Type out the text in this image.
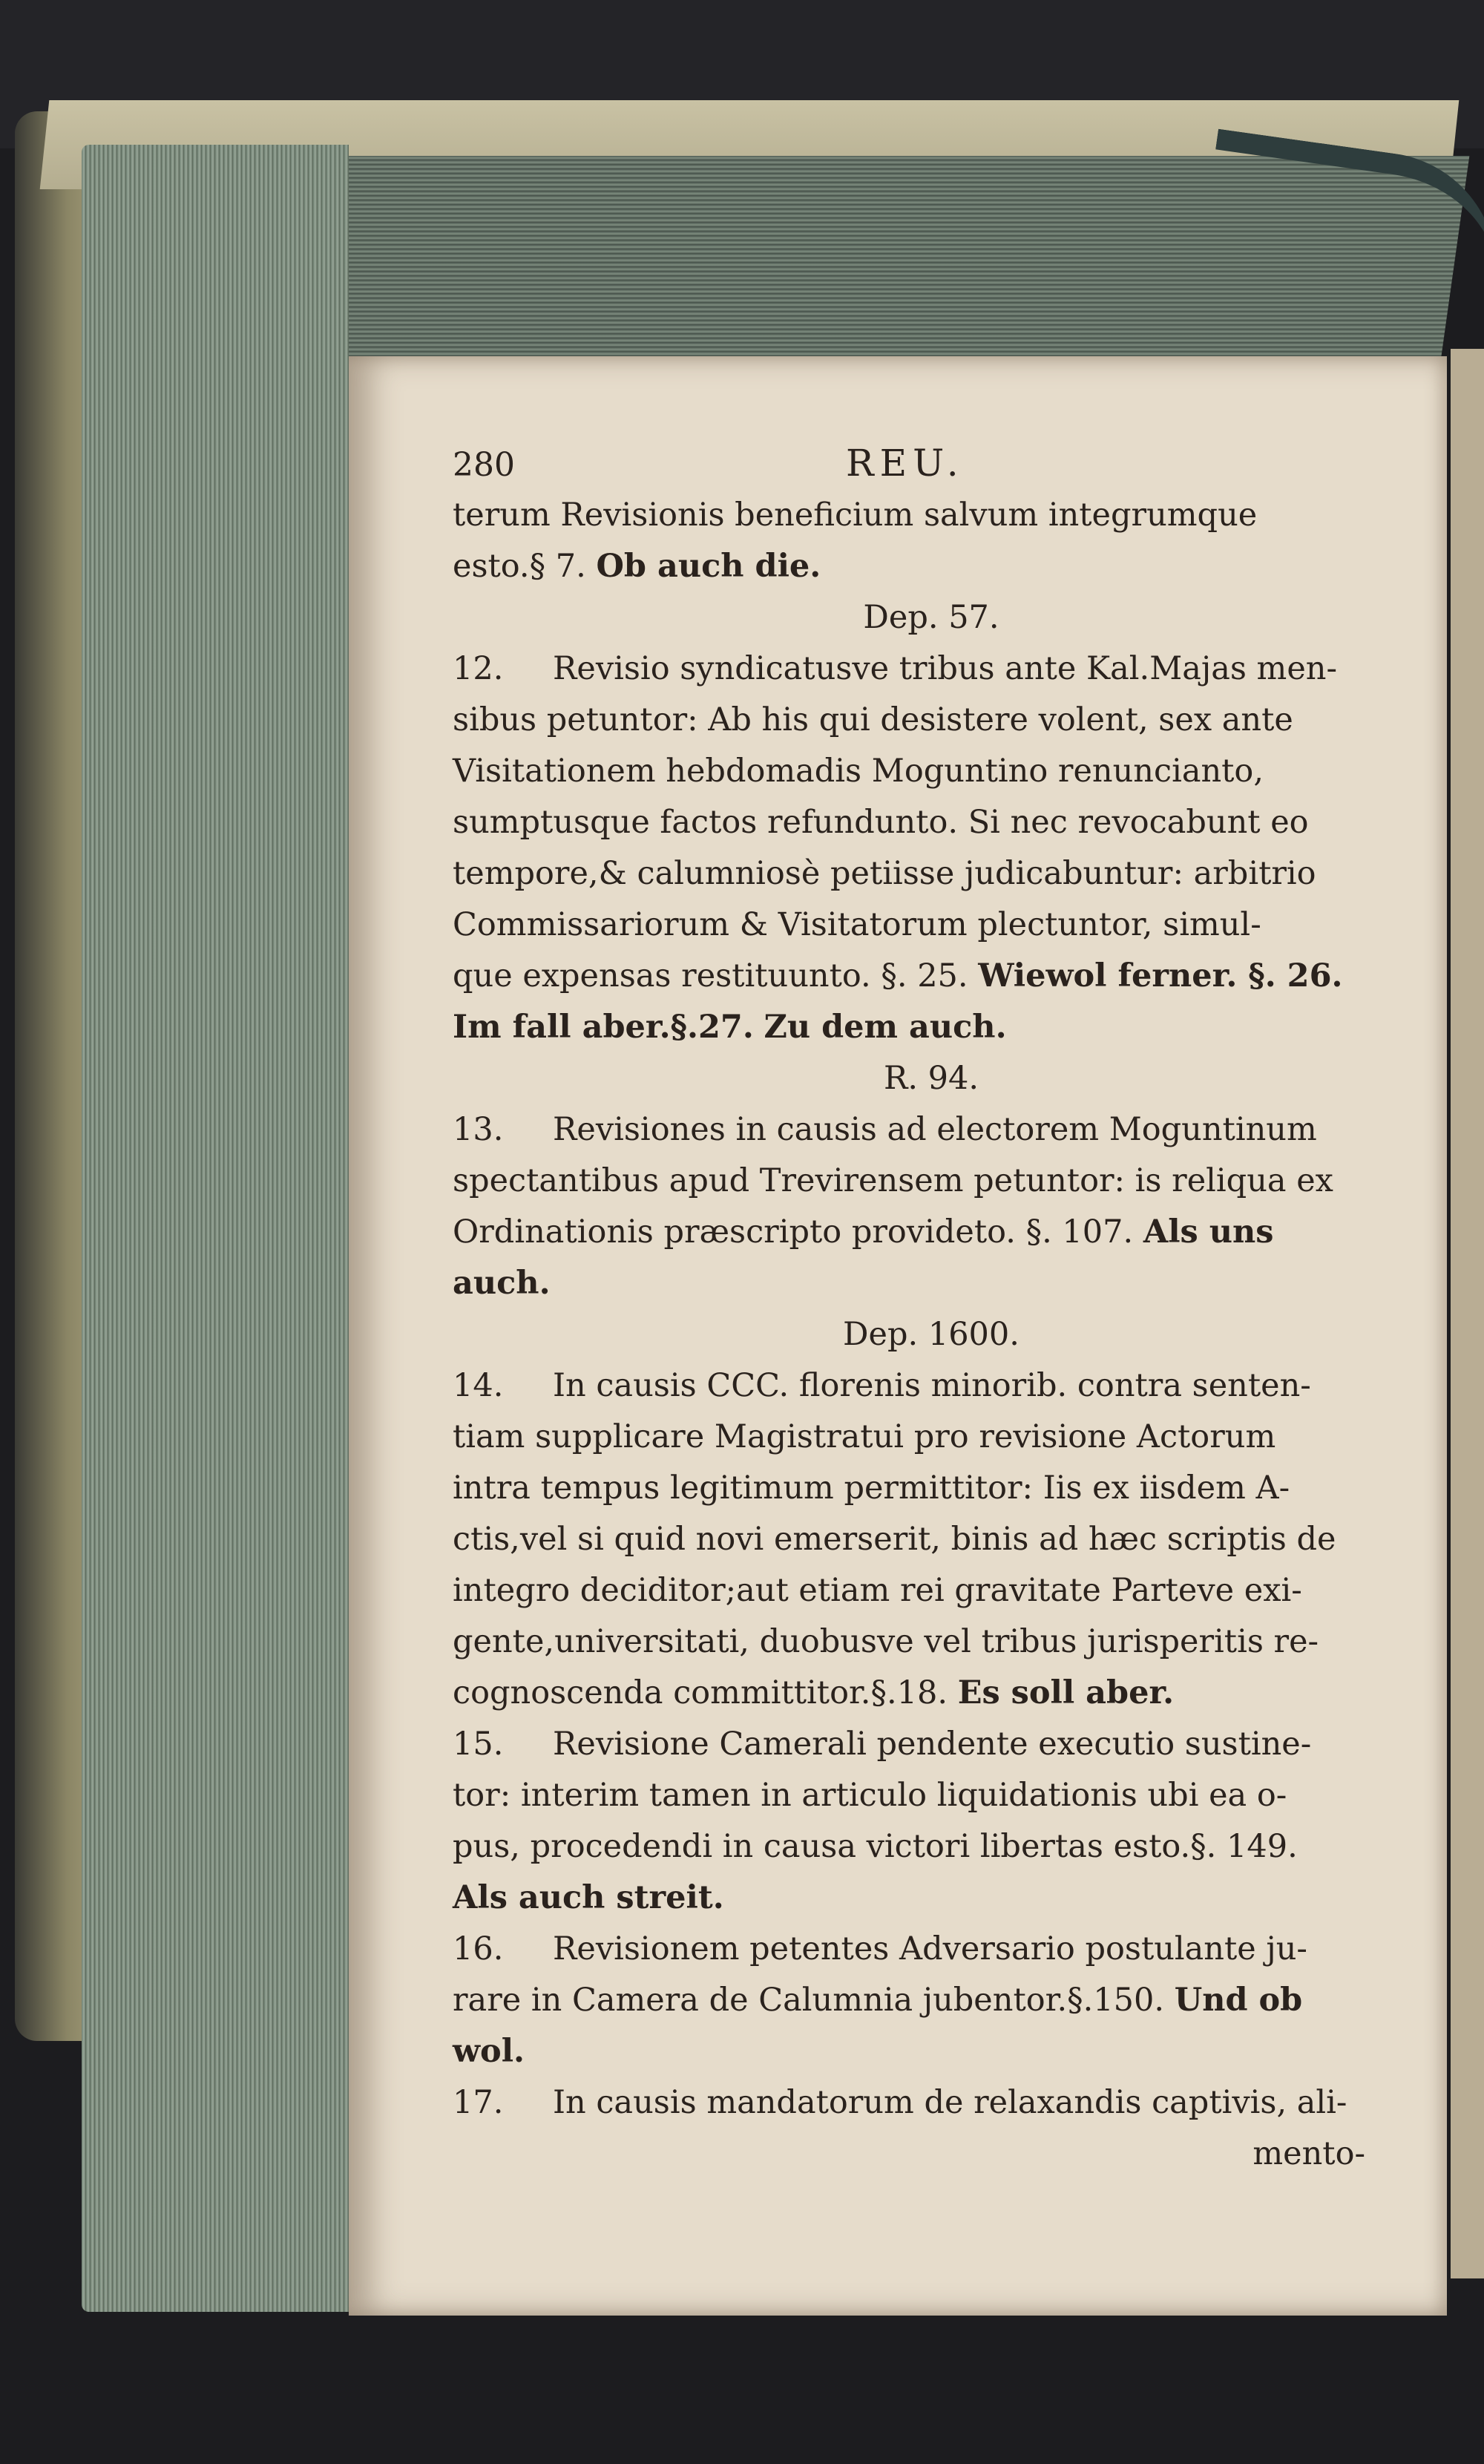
280	REU.
terum Revisionis beneficium salvum integrumque
esto.§ 7. Ob auch die.
Dep. 57.
12. Revisio syndicatusve tribus ante Kal.Majas men-
sibus petuntor: Ab his qui desistere volent, sex ante
Visitationem hebdomadis Moguntino renuncianto,
sumptusque factos refunduntο. Si nec revocabunt eo
tempore,& calumniosè petiisse judicabuntur: arbitrio
Commissariorum & Visitatorum plectuntor, simul-
que expensas restituunto. §. 25. Wiewol ferner. §. 26.
Im fall aber.§.27. Zu dem auch.
R. 94.
13. Revisiones in causis ad electorem Moguntinum
spectantibus apud Trevirensem petuntor: is reliqua ex
Ordinationis præscripto provideto. §. 107. Als uns
auch.
Dep. 1600.
14. In causis CCC. florenis minorib. contra senten-
tiam supplicare Magistratui pro revisione Actorum
intra tempus legitimum permittitor: Iis ex iisdem A-
ctis,vel si quid novi emerserit, binis ad hæc scriptis de
integro deciditor;aut etiam rei gravitate Parteve exi-
gente,universitati, duobusve vel tribus jurisperitis re-
cognoscenda committitor.§.18. Es soll aber.
15. Revisione Camerali pendente executio sustine-
tor: interim tamen in articulo liquidationis ubi ea o-
pus, procedendi in causa victori libertas esto.§. 149.
Als auch streit.
16. Revisionem petentes Adversario postulante ju-
rare in Camera de Calumnia jubentor.§.150. Und ob
wol.
17. In causis mandatorum de relaxandis captivis, ali-
mento-
